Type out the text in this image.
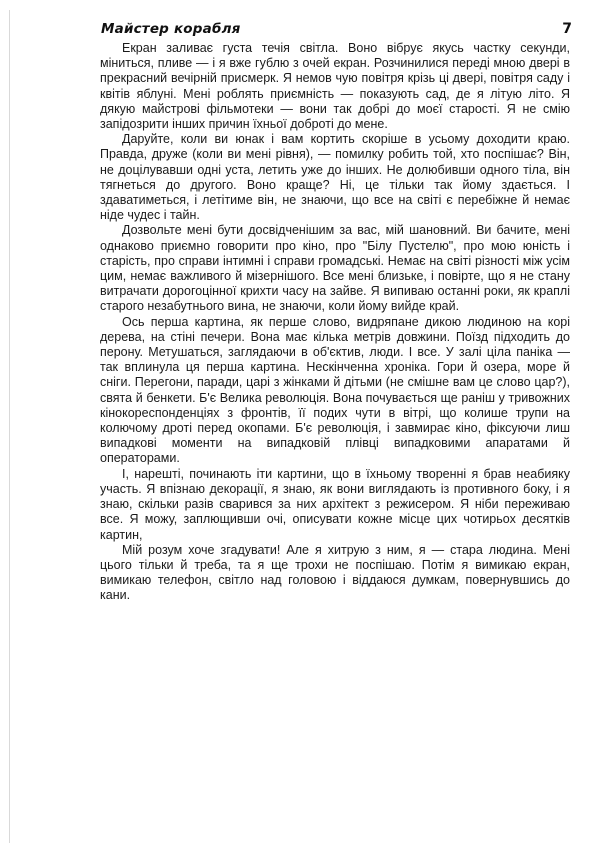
Майстер корабля	7

Екран заливає густа течія світла. Воно вібрує якусь частку секунди, міниться, пливе — і я вже гублю з очей екран. Розчинилися переді мною двері в прекрасний вечірній присмерк. Я немов чую повітря крізь ці двері, повітря саду і квітів яблуні. Мені роблять приємність — показують сад, де я літую літо. Я дякую майстрові фільмотеки — вони так добрі до моєї старості. Я не смію запідозрити інших причин їхньої доброті до мене.

Даруйте, коли ви юнак і вам кортить скоріше в усьому доходити краю. Правда, друже (коли ви мені рівня), — помилку робить той, хто поспішає? Він, не доцілувавши одні уста, летить уже до інших. Не долюбивши одного тіла, він тягнеться до другого. Воно краще? Ні, це тільки так йому здається. І здаватиметься, і летітиме він, не знаючи, що все на світі є перебіжне й немає ніде чудес і тайн.

Дозвольте мені бути досвідченішим за вас, мій шановний. Ви бачите, мені однаково приємно говорити про кіно, про "Білу Пустелю", про мою юність і старість, про справи інтимні і справи громадські. Немає на світі різності між усім цим, немає важливого й мізернішого. Все мені близьке, і повірте, що я не стану витрачати дорогоцінної крихти часу на зайве. Я випиваю останні роки, як краплі старого незабутнього вина, не знаючи, коли йому вийде край.

Ось перша картина, як перше слово, видряпане дикою людиною на корі дерева, на стіні печери. Вона має кілька метрів довжини. Поїзд підходить до перону. Метушаться, заглядаючи в об'єктив, люди. І все. У залі ціла паніка — так вплинула ця перша картина. Нескінченна хроніка. Гори й озера, море й сніги. Перегони, паради, царі з жінками й дітьми (не смішне вам це слово цар?), свята й бенкети. Б'є Велика революція. Вона почувається ще раніш у тривожних кінокореспонденціях з фронтів, її подих чути в вітрі, що колише трупи на колючому дроті перед окопами. Б'є революція, і завмирає кіно, фіксуючи лиш випадкові моменти на випадковій плівці випадковими апаратами й операторами.

І, нарешті, починають іти картини, що в їхньому творенні я брав неабияку участь. Я впізнаю декорації, я знаю, як вони виглядають із противного боку, і я знаю, скільки разів сварився за них архітект з режисером. Я ніби переживаю все. Я можу, заплющивши очі, описувати кожне місце цих чотирьох десятків картин,

Мій розум хоче згадувати! Але я хитрую з ним, я — стара людина. Мені цього тільки й треба, та я ще трохи не поспішаю. Потім я вимикаю екран, вимикаю телефон, світло над головою і віддаюся думкам, повернувшись до кани.
